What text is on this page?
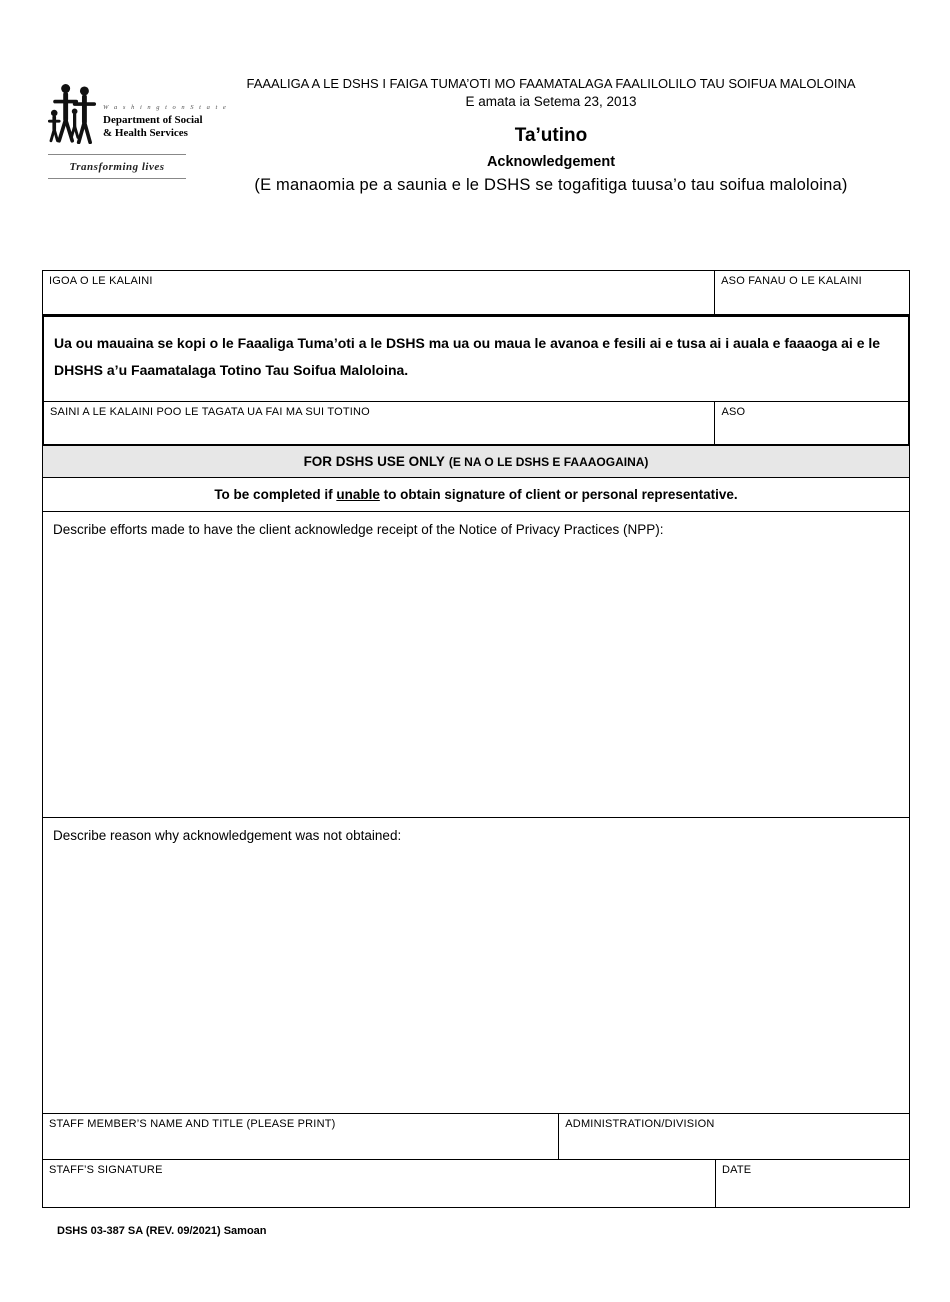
W a s h i n g t o n S t a t e
Department of Social
& Health Services
Transforming lives
FAAALIGA A LE DSHS I FAIGA TUMA’OTI MO FAAMATALAGA FAALILOLILO TAU SOIFUA MALOLOINA
E amata ia Setema 23, 2013
Ta’utino
Acknowledgement
(E manaomia pe a saunia e le DSHS se togafitiga tuusa’o tau soifua maloloina)
IGOA O LE KALAINI	ASO FANAU O LE KALAINI
Ua ou mauaina se kopi o le Faaaliga Tuma’oti a le DSHS ma ua ou maua le avanoa e fesili ai e tusa ai i auala e faaaoga ai e le DHSHS a’u Faamatalaga Totino Tau Soifua Maloloina.
SAINI A LE KALAINI POO LE TAGATA UA FAI MA SUI TOTINO	ASO
FOR DSHS USE ONLY (E NA O LE DSHS E FAAAOGAINA)
To be completed if unable to obtain signature of client or personal representative.
Describe efforts made to have the client acknowledge receipt of the Notice of Privacy Practices (NPP):
Describe reason why acknowledgement was not obtained:
STAFF MEMBER’S NAME AND TITLE (PLEASE PRINT)	ADMINISTRATION/DIVISION
STAFF’S SIGNATURE	DATE
DSHS 03-387 SA (REV. 09/2021) Samoan
